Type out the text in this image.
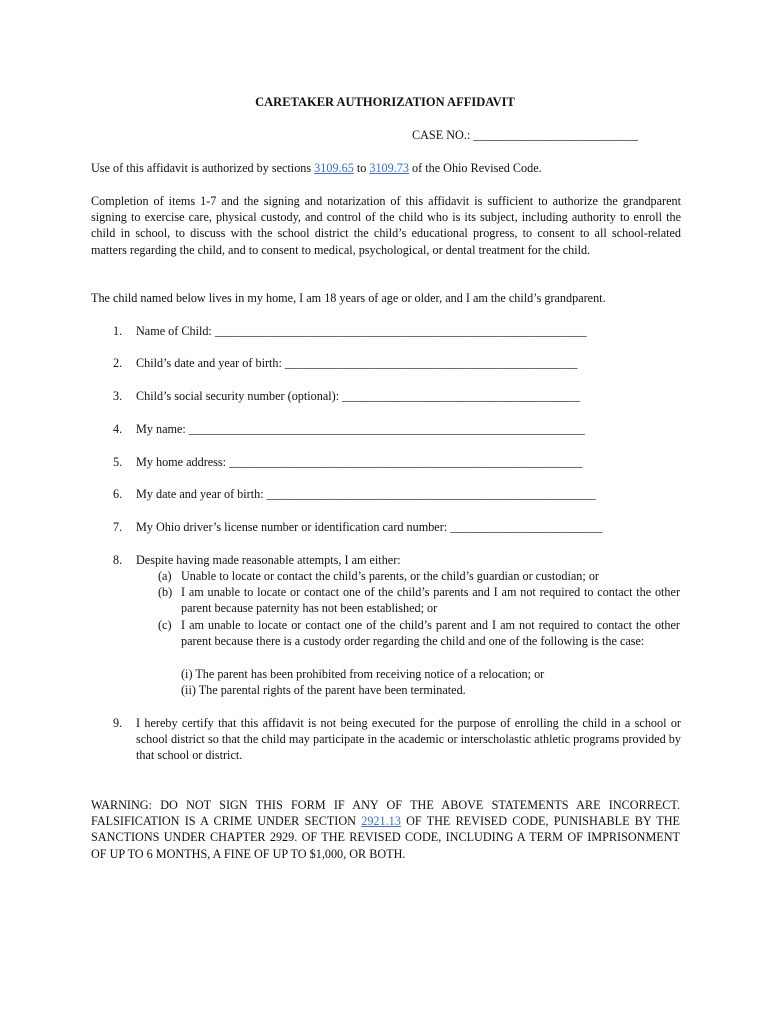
CARETAKER AUTHORIZATION AFFIDAVIT
CASE NO.: ___________________________
Use of this affidavit is authorized by sections 3109.65 to 3109.73 of the Ohio Revised Code.
Completion of items 1-7 and the signing and notarization of this affidavit is sufficient to authorize the grandparent signing to exercise care, physical custody, and control of the child who is its subject, including authority to enroll the child in school, to discuss with the school district the child’s educational progress, to consent to all school-related matters regarding the child, and to consent to medical, psychological, or dental treatment for the child.
The child named below lives in my home, I am 18 years of age or older, and I am the child’s grandparent.
1. Name of Child: _____________________________________________________________
2. Child’s date and year of birth: ________________________________________________
3. Child’s social security number (optional): _______________________________________
4. My name: _________________________________________________________________
5. My home address: __________________________________________________________
6. My date and year of birth: ______________________________________________________
7. My Ohio driver’s license number or identification card number: _________________________
8. Despite having made reasonable attempts, I am either:
(a) Unable to locate or contact the child’s parents, or the child’s guardian or custodian; or
(b) I am unable to locate or contact one of the child’s parents and I am not required to contact the other parent because paternity has not been established; or
(c) I am unable to locate or contact one of the child’s parent and I am not required to contact the other parent because there is a custody order regarding the child and one of the following is the case:
(i) The parent has been prohibited from receiving notice of a relocation; or
(ii) The parental rights of the parent have been terminated.
9. I hereby certify that this affidavit is not being executed for the purpose of enrolling the child in a school or school district so that the child may participate in the academic or interscholastic athletic programs provided by that school or district.
WARNING: DO NOT SIGN THIS FORM IF ANY OF THE ABOVE STATEMENTS ARE INCORRECT. FALSIFICATION IS A CRIME UNDER SECTION 2921.13 OF THE REVISED CODE, PUNISHABLE BY THE SANCTIONS UNDER CHAPTER 2929. OF THE REVISED CODE, INCLUDING A TERM OF IMPRISONMENT OF UP TO 6 MONTHS, A FINE OF UP TO $1,000, OR BOTH.
